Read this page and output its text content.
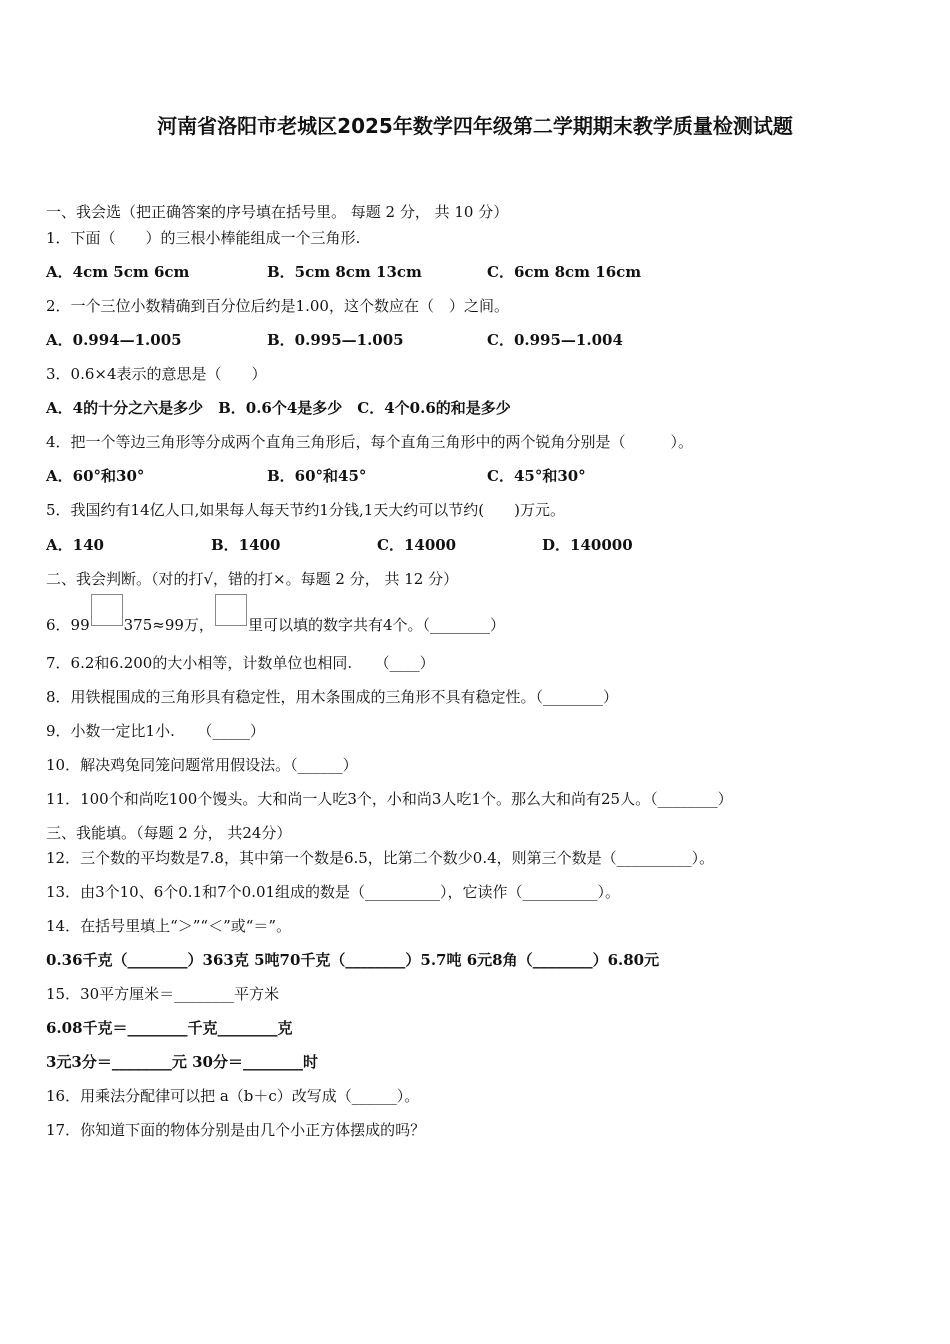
河南省洛阳市老城区2025年数学四年级第二学期期末教学质量检测试题
一、我会选（把正确答案的序号填在括号里。 每题 2 分， 共 10 分）
1．下面（　　）的三根小棒能组成一个三角形.
A．4cm 5cm 6cm	B．5cm 8cm 13cm	C．6cm 8cm 16cm
2．一个三位小数精确到百分位后约是1.00，这个数应在（　）之间。
A．0.994—1.005	B．0.995—1.005	C．0.995—1.004
3．0.6×4表示的意思是（　　）
A．4的十分之六是多少　B．0.6个4是多少　C．4个0.6的和是多少
4．把一个等边三角形等分成两个直角三角形后，每个直角三角形中的两个锐角分别是（　　　）。
A．60°和30°	B．60°和45°	C．45°和30°
5．我国约有14亿人口,如果每人每天节约1分钱,1天大约可以节约(　　)万元。
A．140	B．1400	C．14000	D．140000
二、我会判断。（对的打√，错的打×。每题 2 分， 共 12 分）
6．99 375≈99万， 里可以填的数字共有4个。（________）
7．6.2和6.200的大小相等，计数单位也相同.　　（____）
8．用铁棍围成的三角形具有稳定性，用木条围成的三角形不具有稳定性。（________）
9．小数一定比1小.　　（_____）
10．解决鸡兔同笼问题常用假设法。（______）
11．100个和尚吃100个馒头。大和尚一人吃3个，小和尚3人吃1个。那么大和尚有25人。（________）
三、我能填。（每题 2 分， 共24分）
12．三个数的平均数是7.8，其中第一个数是6.5，比第二个数少0.4，则第三个数是（__________）。
13．由3个10、6个0.1和7个0.01组成的数是（__________），它读作（__________）。
14．在括号里填上“＞”“＜”或“＝”。
0.36千克（________）363克 5吨70千克（________）5.7吨 6元8角（________）6.80元
15．30平方厘米＝________平方米
6.08千克＝________千克________克
3元3分＝________元 30分＝________时
16．用乘法分配律可以把 a（b＋c）改写成（______）。
17．你知道下面的物体分别是由几个小正方体摆成的吗？
